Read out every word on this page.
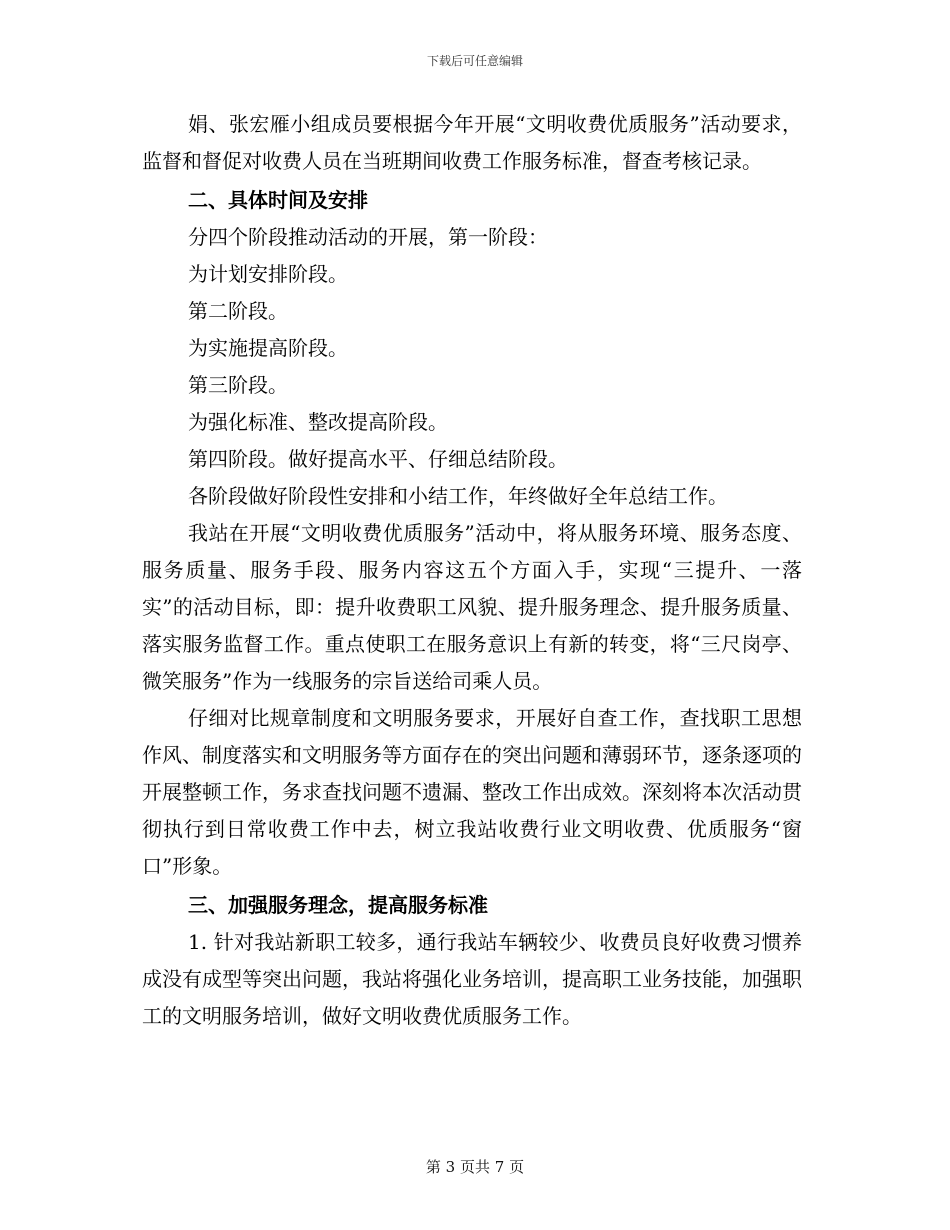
下载后可任意编辑

娟、张宏雁小组成员要根据今年开展“文明收费优质服务”活动要求，监督和督促对收费人员在当班期间收费工作服务标准，督查考核记录。

二、具体时间及安排

分四个阶段推动活动的开展，第一阶段：

为计划安排阶段。

第二阶段。

为实施提高阶段。

第三阶段。

为强化标准、整改提高阶段。

第四阶段。做好提高水平、仔细总结阶段。

各阶段做好阶段性安排和小结工作，年终做好全年总结工作。

我站在开展“文明收费优质服务”活动中，将从服务环境、服务态度、服务质量、服务手段、服务内容这五个方面入手，实现“三提升、一落实”的活动目标，即：提升收费职工风貌、提升服务理念、提升服务质量、落实服务监督工作。重点使职工在服务意识上有新的转变，将“三尺岗亭、微笑服务”作为一线服务的宗旨送给司乘人员。

仔细对比规章制度和文明服务要求，开展好自查工作，查找职工思想作风、制度落实和文明服务等方面存在的突出问题和薄弱环节，逐条逐项的开展整顿工作，务求查找问题不遗漏、整改工作出成效。深刻将本次活动贯彻执行到日常收费工作中去，树立我站收费行业文明收费、优质服务“窗口”形象。

三、加强服务理念，提高服务标准

1. 针对我站新职工较多，通行我站车辆较少、收费员良好收费习惯养成没有成型等突出问题，我站将强化业务培训，提高职工业务技能，加强职工的文明服务培训，做好文明收费优质服务工作。

第 3 页共 7 页
